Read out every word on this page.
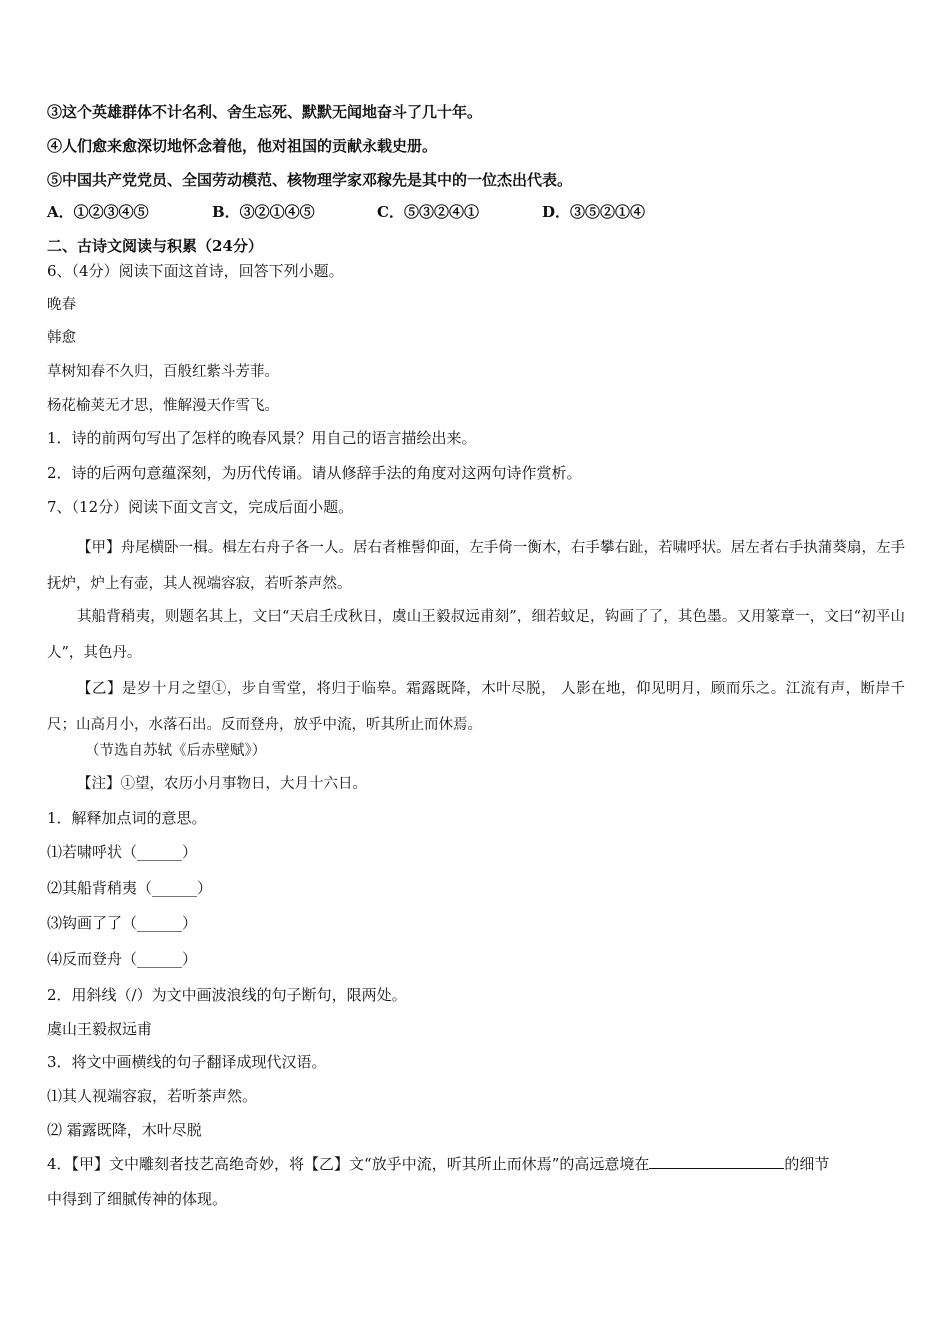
③这个英雄群体不计名利、舍生忘死、默默无闻地奋斗了几十年。
④人们愈来愈深切地怀念着他，他对祖国的贡献永载史册。
⑤中国共产党党员、全国劳动模范、核物理学家邓稼先是其中的一位杰出代表。
A．①②③④⑤	B．③②①④⑤	C．⑤③②④①	D．③⑤②①④
二、古诗文阅读与积累（24分）
6、（4分）阅读下面这首诗，回答下列小题。
晚春
韩愈
草树知春不久归，百般红紫斗芳菲。
杨花榆荚无才思，惟解漫天作雪飞。
1．诗的前两句写出了怎样的晚春风景？用自己的语言描绘出来。
2．诗的后两句意蕴深刻，为历代传诵。请从修辞手法的角度对这两句诗作赏析。
7、（12分）阅读下面文言文，完成后面小题。
【甲】舟尾横卧一楫。楫左右舟子各一人。居右者椎髻仰面，左手倚一衡木，右手攀右趾，若啸呼状。居左者右手执蒲葵扇，左手抚炉，炉上有壶，其人视端容寂，若听茶声然。
其船背稍夷，则题名其上，文曰“天启壬戌秋日，虞山王毅叔远甫刻”，细若蚊足，钩画了了，其色墨。又用篆章一，文曰“初平山人”，其色丹。
【乙】是岁十月之望①，步自雪堂，将归于临皋。霜露既降，木叶尽脱， 人影在地，仰见明月，顾而乐之。江流有声，断岸千尺；山高月小，水落石出。反而登舟，放乎中流，听其所止而休焉。
（节选自苏轼《后赤壁赋》）
【注】①望，农历小月事物日，大月十六日。
1．解释加点词的意思。
⑴若啸呼状（______）
⑵其船背稍夷（______）
⑶钩画了了（______）
⑷反而登舟（______）
2．用斜线（/）为文中画波浪线的句子断句，限两处。
虞山王毅叔远甫
3．将文中画横线的句子翻译成现代汉语。
⑴其人视端容寂，若听茶声然。
⑵ 霜露既降，木叶尽脱
4．【甲】文中雕刻者技艺高绝奇妙，将【乙】文“放乎中流，听其所止而休焉”的高远意境在	的细节
中得到了细腻传神的体现。
